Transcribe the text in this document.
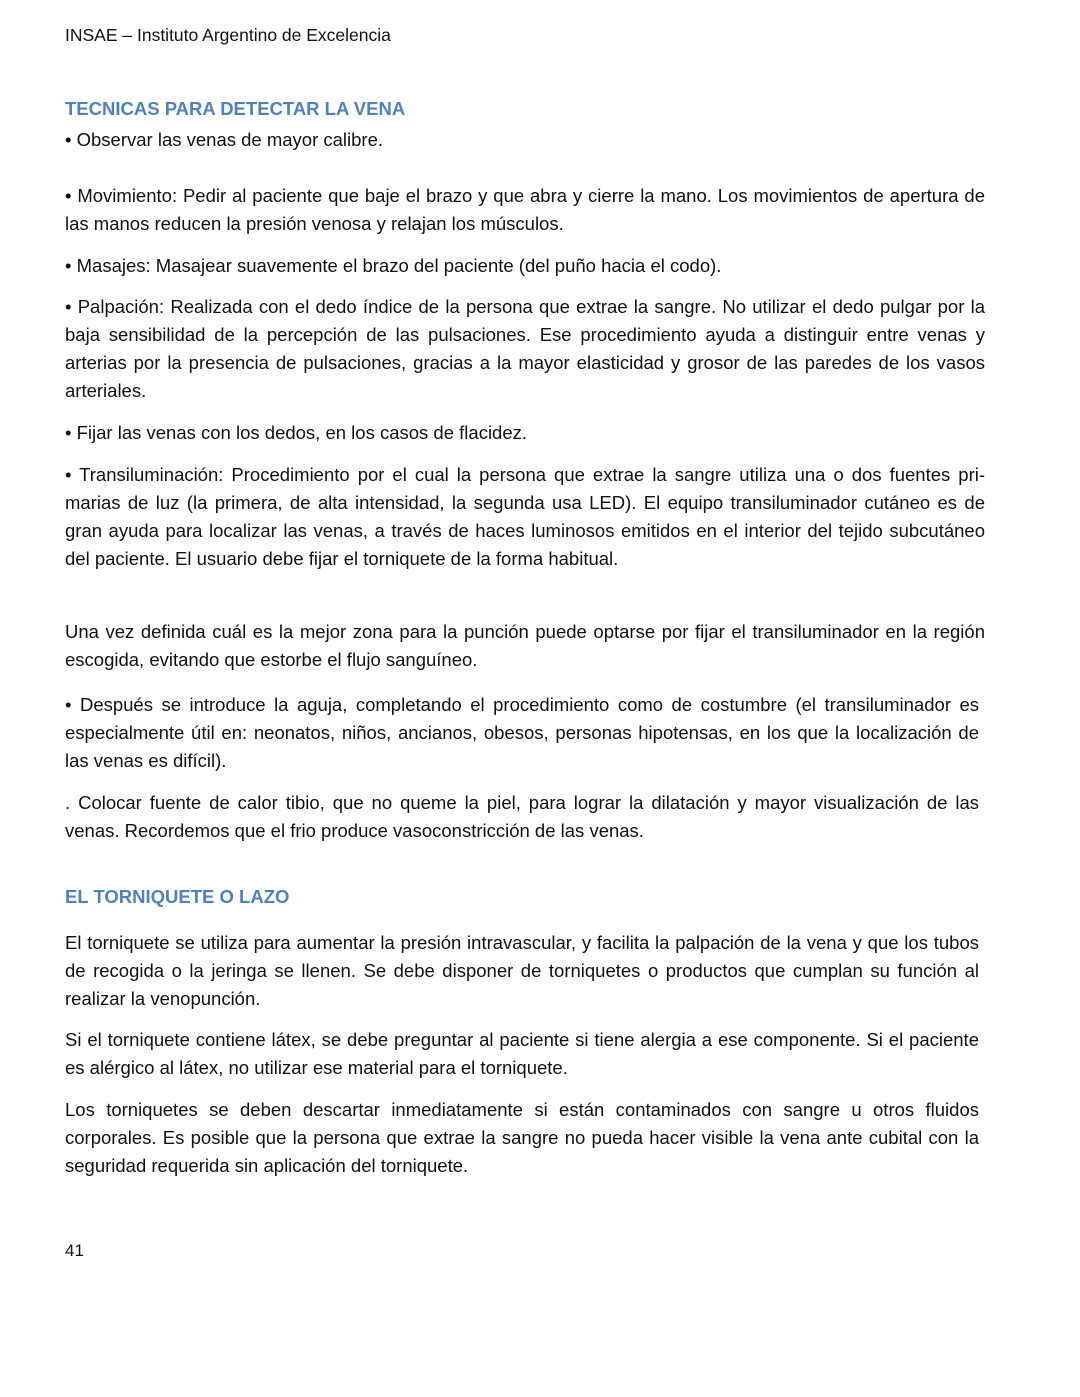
INSAE – Instituto Argentino de Excelencia
TECNICAS PARA DETECTAR LA VENA

• Observar las venas de mayor calibre.

• Movimiento: Pedir al paciente que baje el brazo y que abra y cierre la mano. Los movimientos de apertura de las manos reducen la presión venosa y relajan los músculos.

• Masajes: Masajear suavemente el brazo del paciente (del puño hacia el codo).

• Palpación: Realizada con el dedo índice de la persona que extrae la sangre. No utilizar el dedo pulgar por la baja sensibilidad de la percepción de las pulsaciones. Ese procedimiento ayuda a distinguir entre venas y arterias por la presencia de pulsaciones, gracias a la mayor elasticidad y grosor de las paredes de los vasos arteriales.

• Fijar las venas con los dedos, en los casos de flacidez.

• Transiluminación: Procedimiento por el cual la persona que extrae la sangre utiliza una o dos fuentes pri-marias de luz (la primera, de alta intensidad, la segunda usa LED). El equipo transiluminador cutáneo es de gran ayuda para localizar las venas, a través de haces luminosos emitidos en el interior del tejido subcutáneo del paciente. El usuario debe fijar el torniquete de la forma habitual.

Una vez definida cuál es la mejor zona para la punción puede optarse por fijar el transiluminador en la región escogida, evitando que estorbe el flujo sanguíneo.

• Después se introduce la aguja, completando el procedimiento como de costumbre (el transiluminador es especialmente útil en: neonatos, niños, ancianos, obesos, personas hipotensas, en los que la localización de las venas es difícil).

. Colocar fuente de calor tibio, que no queme la piel, para lograr la dilatación y mayor visualización de las venas. Recordemos que el frio produce vasoconstricción de las venas.

EL TORNIQUETE O LAZO

El torniquete se utiliza para aumentar la presión intravascular, y facilita la palpación de la vena y que los tubos de recogida o la jeringa se llenen. Se debe disponer de torniquetes o productos que cumplan su función al realizar la venopunción.

Si el torniquete contiene látex, se debe preguntar al paciente si tiene alergia a ese componente. Si el paciente es alérgico al látex, no utilizar ese material para el torniquete.

Los torniquetes se deben descartar inmediatamente si están contaminados con sangre u otros fluidos corporales. Es posible que la persona que extrae la sangre no pueda hacer visible la vena ante cubital con la seguridad requerida sin aplicación del torniquete.

41
